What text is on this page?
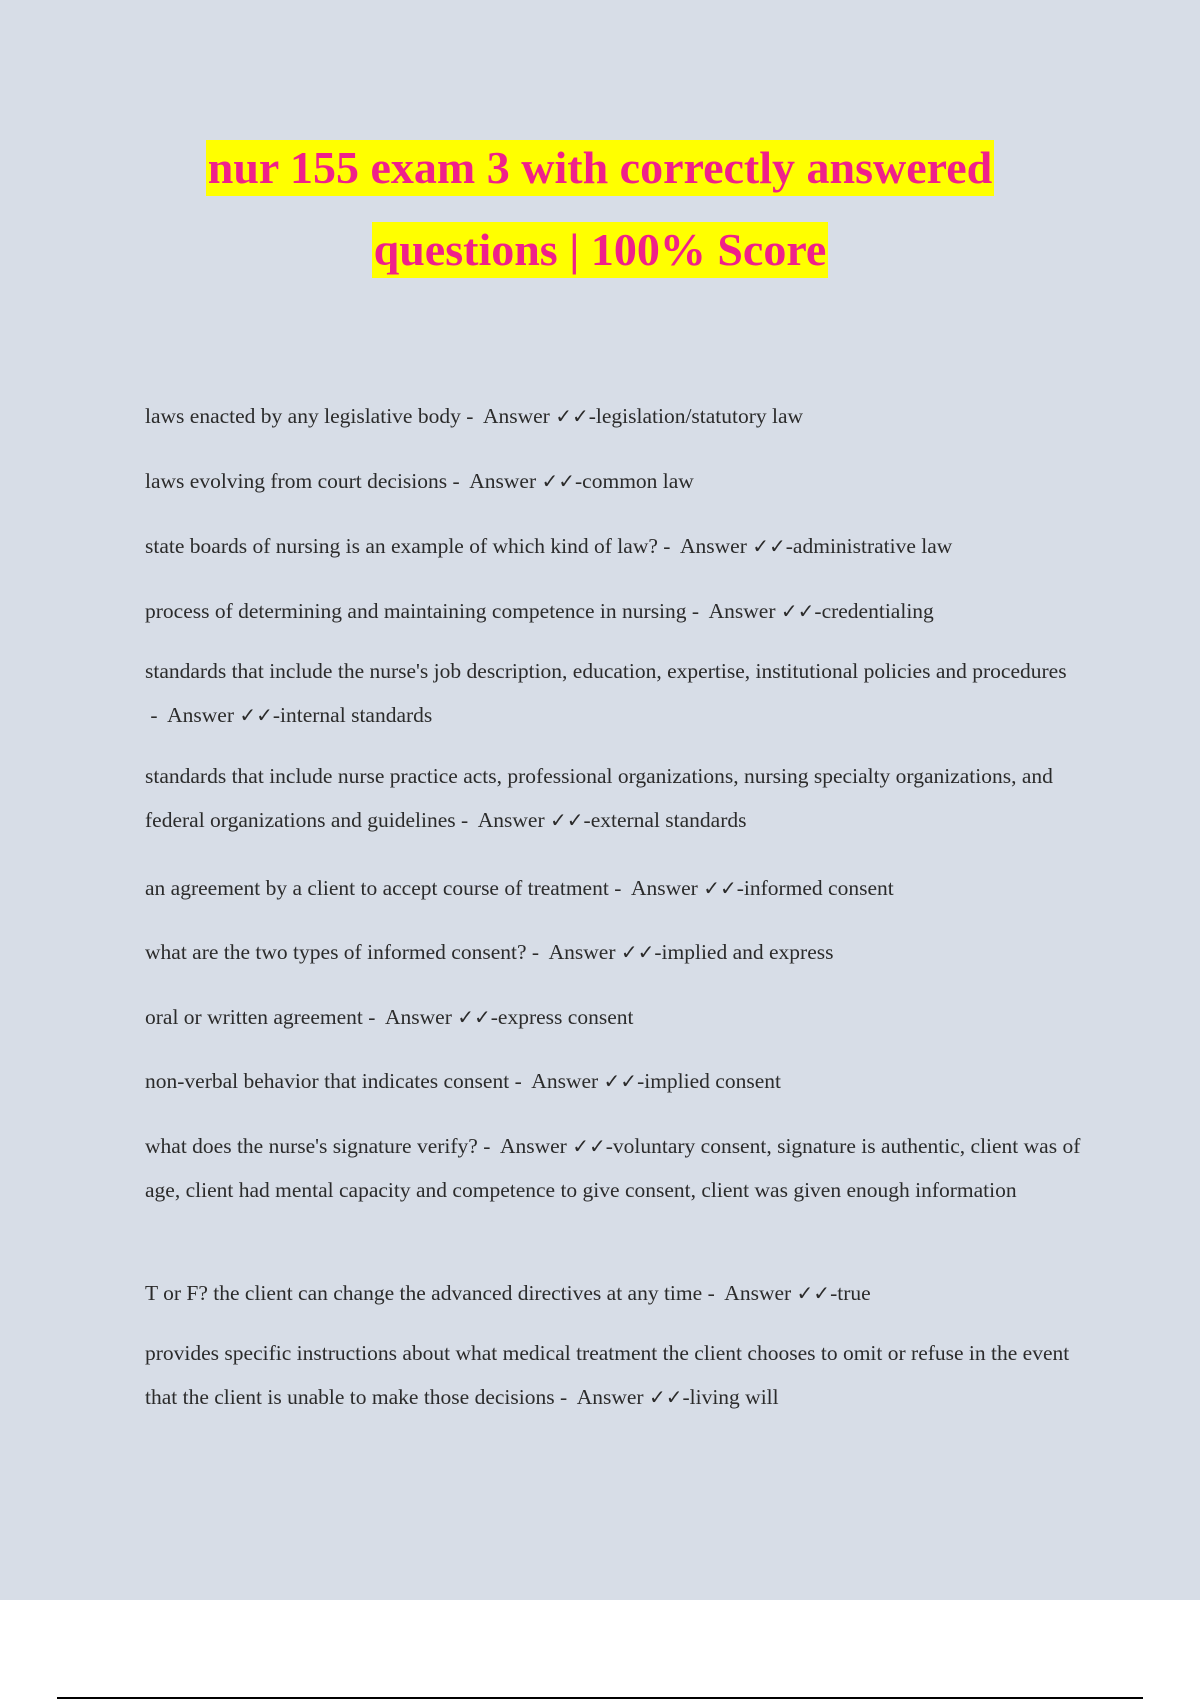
nur 155 exam 3 with correctly answered
questions | 100% Score
laws enacted by any legislative body -  Answer ✓✓-legislation/statutory law
laws evolving from court decisions -  Answer ✓✓-common law
state boards of nursing is an example of which kind of law? -  Answer ✓✓-administrative law
process of determining and maintaining competence in nursing -  Answer ✓✓-credentialing
standards that include the nurse's job description, education, expertise, institutional policies and procedures -  Answer ✓✓-internal standards
standards that include nurse practice acts, professional organizations, nursing specialty organizations, and federal organizations and guidelines -  Answer ✓✓-external standards
an agreement by a client to accept course of treatment -  Answer ✓✓-informed consent
what are the two types of informed consent? -  Answer ✓✓-implied and express
oral or written agreement -  Answer ✓✓-express consent
non-verbal behavior that indicates consent -  Answer ✓✓-implied consent
what does the nurse's signature verify? -  Answer ✓✓-voluntary consent, signature is authentic, client was of age, client had mental capacity and competence to give consent, client was given enough information
T or F? the client can change the advanced directives at any time -  Answer ✓✓-true
provides specific instructions about what medical treatment the client chooses to omit or refuse in the event that the client is unable to make those decisions -  Answer ✓✓-living will
